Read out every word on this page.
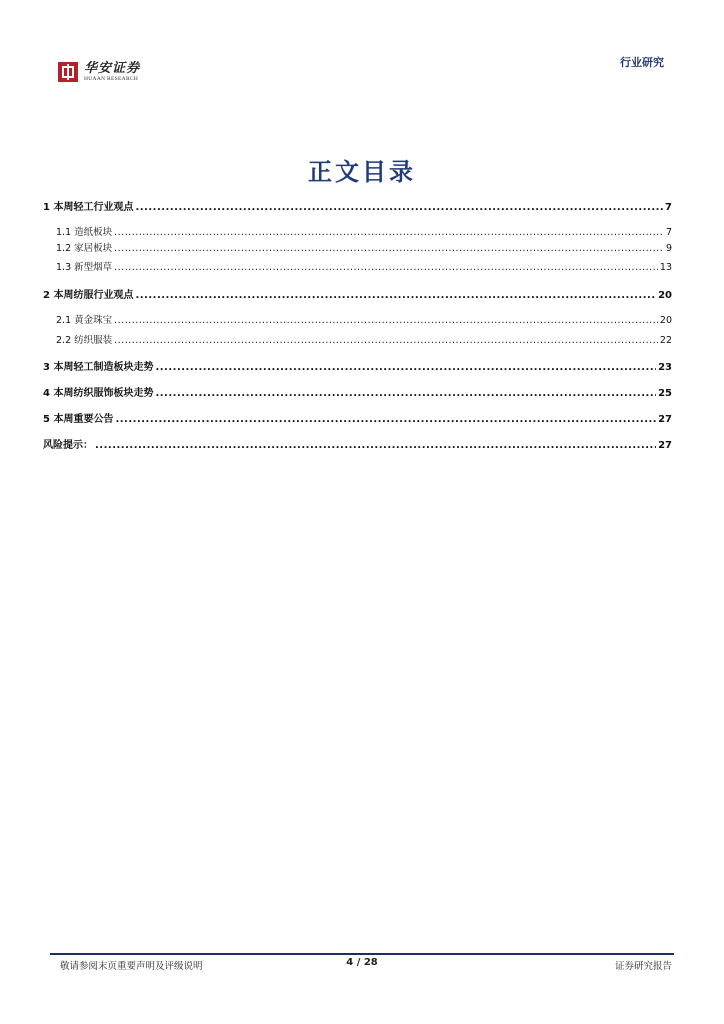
华安证券
HUAAN RESEARCH
行业研究
正文目录
1 本周轻工行业观点 .....	7
1.1 造纸板块 .....	7
1.2 家居板块 .....	9
1.3 新型烟草 .....	13
2 本周纺服行业观点 .....	20
2.1 黄金珠宝 .....	20
2.2 纺织服装 .....	22
3 本周轻工制造板块走势 .....	23
4 本周纺织服饰板块走势 .....	25
5 本周重要公告 .....	27
风险提示： .....	27
敬请参阅末页重要声明及评级说明	4 / 28	证券研究报告
